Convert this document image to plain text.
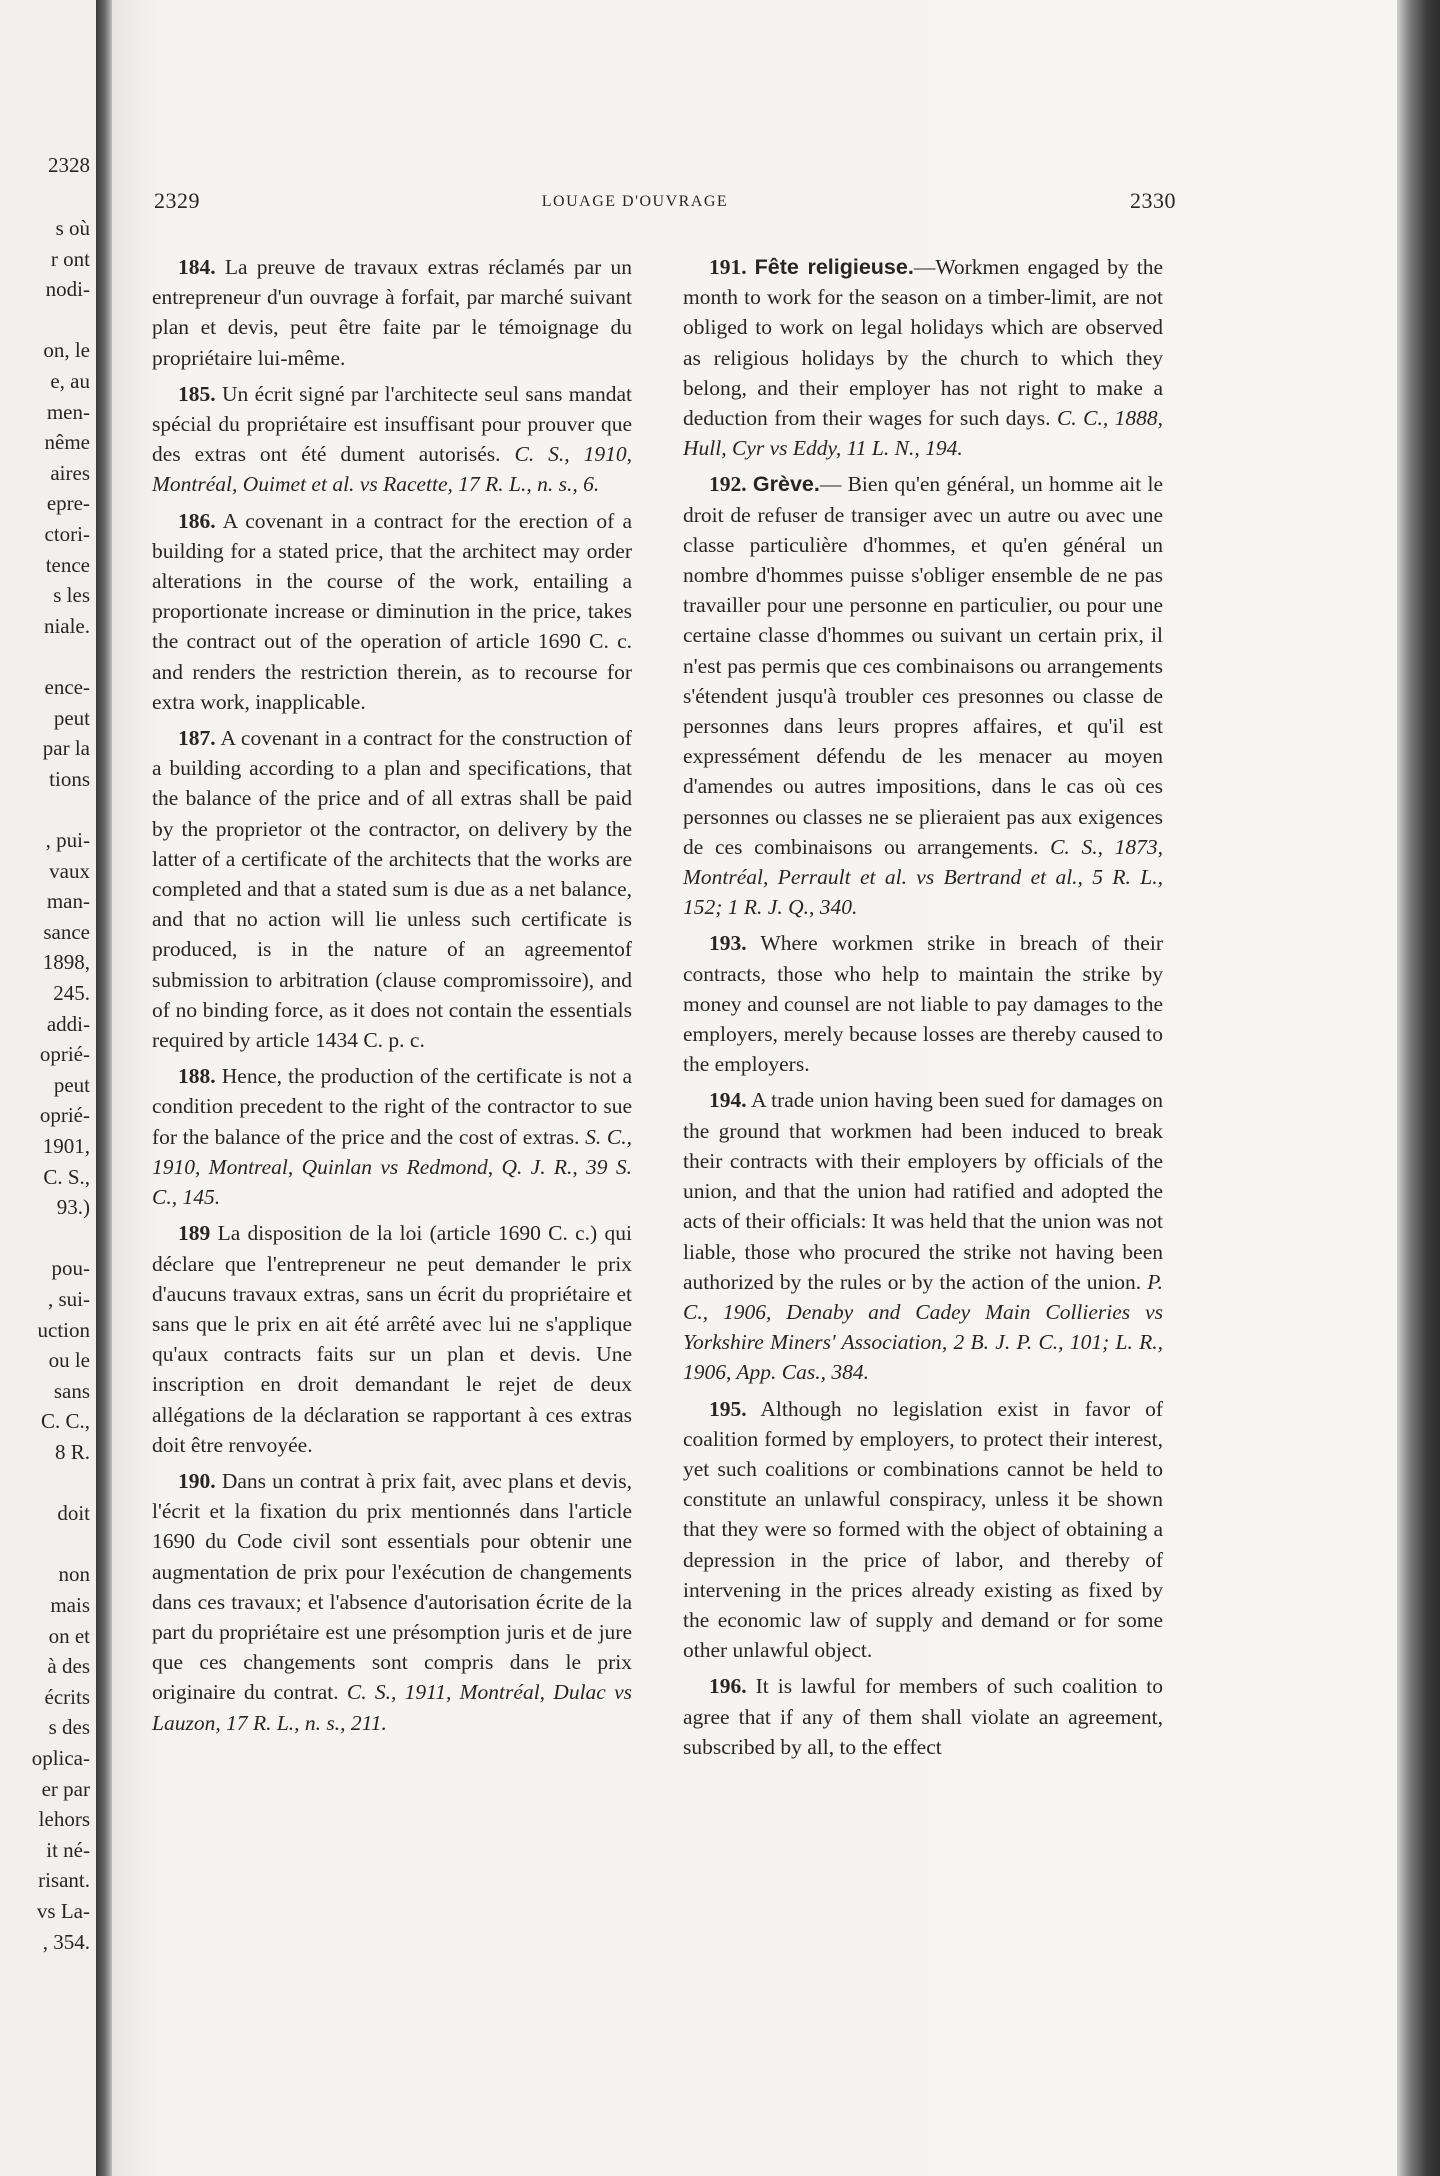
2328
s où
r ont
nodi-
on, le
e, au
men-
nême
aires
epre-
ctori-
tence
s les
niale.
ence-
peut
par la
tions
, pui-
vaux
man-
sance
1898,
245.
addi-
oprié-
peut
oprié-
1901,
C. S.,
93.)
pou-
, sui-
uction
ou le
sans
C. C.,
8 R.
doit
non
mais
on et
à des
écrits
s des
oplica-
er par
lehors
it né-
risant.
vs La-
, 354.
2329	LOUAGE D'OUVRAGE	2330

184. La preuve de travaux extras réclamés par un entrepreneur d'un ouvrage à forfait, par marché suivant plan et devis, peut être faite par le témoignage du propriétaire lui-même.

185. Un écrit signé par l'architecte seul sans mandat spécial du propriétaire est insuffisant pour prouver que des extras ont été dument autorisés. C. S., 1910, Montréal, Ouimet et al. vs Racette, 17 R. L., n. s., 6.

186. A covenant in a contract for the erection of a building for a stated price, that the architect may order alterations in the course of the work, entailing a proportionate increase or diminution in the price, takes the contract out of the operation of article 1690 C. c. and renders the restriction therein, as to recourse for extra work, inapplicable.

187. A covenant in a contract for the construction of a building according to a plan and specifications, that the balance of the price and of all extras shall be paid by the proprietor ot the contractor, on delivery by the latter of a certificate of the architects that the works are completed and that a stated sum is due as a net balance, and that no action will lie unless such certificate is produced, is in the nature of an agreementof submission to arbitration (clause compromissoire), and of no binding force, as it does not contain the essentials required by article 1434 C. p. c.

188. Hence, the production of the certificate is not a condition precedent to the right of the contractor to sue for the balance of the price and the cost of extras. S. C., 1910, Montreal, Quinlan vs Redmond, Q. J. R., 39 S. C., 145.

189 La disposition de la loi (article 1690 C. c.) qui déclare que l'entrepreneur ne peut demander le prix d'aucuns travaux extras, sans un écrit du propriétaire et sans que le prix en ait été arrêté avec lui ne s'applique qu'aux contracts faits sur un plan et devis. Une inscription en droit demandant le rejet de deux allégations de la déclaration se rapportant à ces extras doit être renvoyée.

190. Dans un contrat à prix fait, avec plans et devis, l'écrit et la fixation du prix mentionnés dans l'article 1690 du Code civil sont essentials pour obtenir une augmentation de prix pour l'exécution de changements dans ces travaux; et l'absence d'autorisation écrite de la part du propriétaire est une présomption juris et de jure que ces changements sont compris dans le prix originaire du contrat. C. S., 1911, Montréal, Dulac vs Lauzon, 17 R. L., n. s., 211.

191. Fête religieuse.—Workmen engaged by the month to work for the season on a timber-limit, are not obliged to work on legal holidays which are observed as religious holidays by the church to which they belong, and their employer has not right to make a deduction from their wages for such days. C. C., 1888, Hull, Cyr vs Eddy, 11 L. N., 194.

192. Grève.— Bien qu'en général, un homme ait le droit de refuser de transiger avec un autre ou avec une classe particulière d'hommes, et qu'en général un nombre d'hommes puisse s'obliger ensemble de ne pas travailler pour une personne en particulier, ou pour une certaine classe d'hommes ou suivant un certain prix, il n'est pas permis que ces combinaisons ou arrangements s'étendent jusqu'à troubler ces presonnes ou classe de personnes dans leurs propres affaires, et qu'il est expressément défendu de les menacer au moyen d'amendes ou autres impositions, dans le cas où ces personnes ou classes ne se plieraient pas aux exigences de ces combinaisons ou arrangements. C. S., 1873, Montréal, Perrault et al. vs Bertrand et al., 5 R. L., 152; 1 R. J. Q., 340.

193. Where workmen strike in breach of their contracts, those who help to maintain the strike by money and counsel are not liable to pay damages to the employers, merely because losses are thereby caused to the employers.

194. A trade union having been sued for damages on the ground that workmen had been induced to break their contracts with their employers by officials of the union, and that the union had ratified and adopted the acts of their officials: It was held that the union was not liable, those who procured the strike not having been authorized by the rules or by the action of the union. P. C., 1906, Denaby and Cadey Main Collieries vs Yorkshire Miners' Association, 2 B. J. P. C., 101; L. R., 1906, App. Cas., 384.

195. Although no legislation exist in favor of coalition formed by employers, to protect their interest, yet such coalitions or combinations cannot be held to constitute an unlawful conspiracy, unless it be shown that they were so formed with the object of obtaining a depression in the price of labor, and thereby of intervening in the prices already existing as fixed by the economic law of supply and demand or for some other unlawful object.

196. It is lawful for members of such coalition to agree that if any of them shall violate an agreement, subscribed by all, to the effect
